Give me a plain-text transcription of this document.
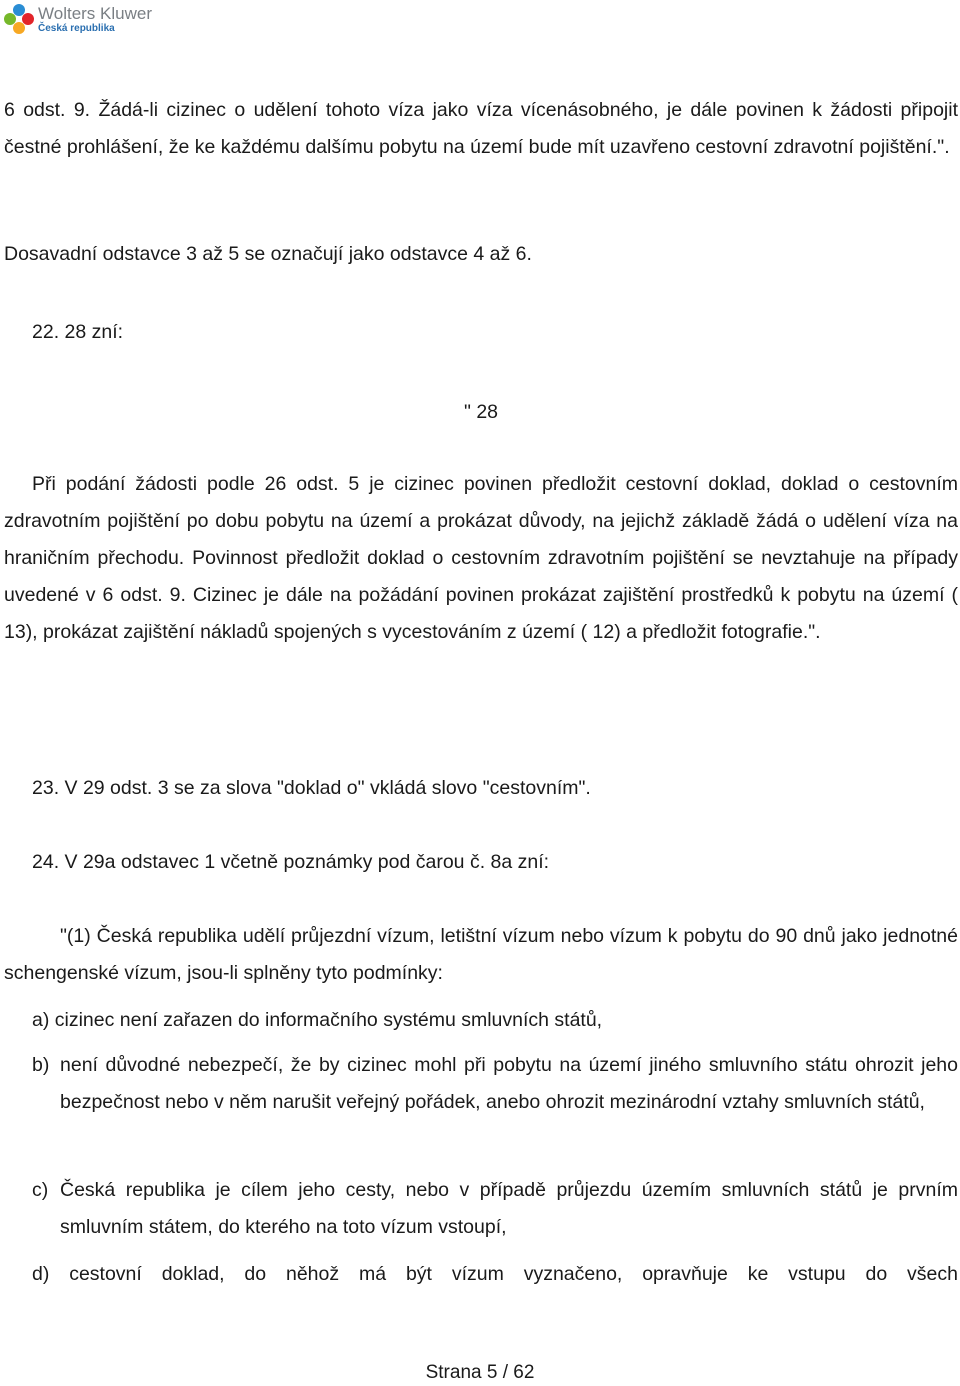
Wolters Kluwer
Česká republika

6 odst. 9. Žádá-li cizinec o udělení tohoto víza jako víza vícenásobného, je dále povinen k žádosti připojit čestné prohlášení, že ke každému dalšímu pobytu na území bude mít uzavřeno cestovní zdravotní pojištění.".

Dosavadní odstavce 3 až 5 se označují jako odstavce 4 až 6.

22. 28 zní:

" 28

Při podání žádosti podle 26 odst. 5 je cizinec povinen předložit cestovní doklad, doklad o cestovním zdravotním pojištění po dobu pobytu na území a prokázat důvody, na jejichž základě žádá o udělení víza na hraničním přechodu. Povinnost předložit doklad o cestovním zdravotním pojištění se nevztahuje na případy uvedené v 6 odst. 9. Cizinec je dále na požádání povinen prokázat zajištění prostředků k pobytu na území ( 13), prokázat zajištění nákladů spojených s vycestováním z území ( 12) a předložit fotografie.".

23. V 29 odst. 3 se za slova "doklad o" vkládá slovo "cestovním".

24. V 29a odstavec 1 včetně poznámky pod čarou č. 8a zní:

"(1) Česká republika udělí průjezdní vízum, letištní vízum nebo vízum k pobytu do 90 dnů jako jednotné schengenské vízum, jsou-li splněny tyto podmínky:

a) cizinec není zařazen do informačního systému smluvních států,

b) není důvodné nebezpečí, že by cizinec mohl při pobytu na území jiného smluvního státu ohrozit jeho bezpečnost nebo v něm narušit veřejný pořádek, anebo ohrozit mezinárodní vztahy smluvních států,

c) Česká republika je cílem jeho cesty, nebo v případě průjezdu územím smluvních států je prvním smluvním státem, do kterého na toto vízum vstoupí,

d) cestovní doklad, do něhož má být vízum vyznačeno, opravňuje ke vstupu do všech

Strana 5 / 62
